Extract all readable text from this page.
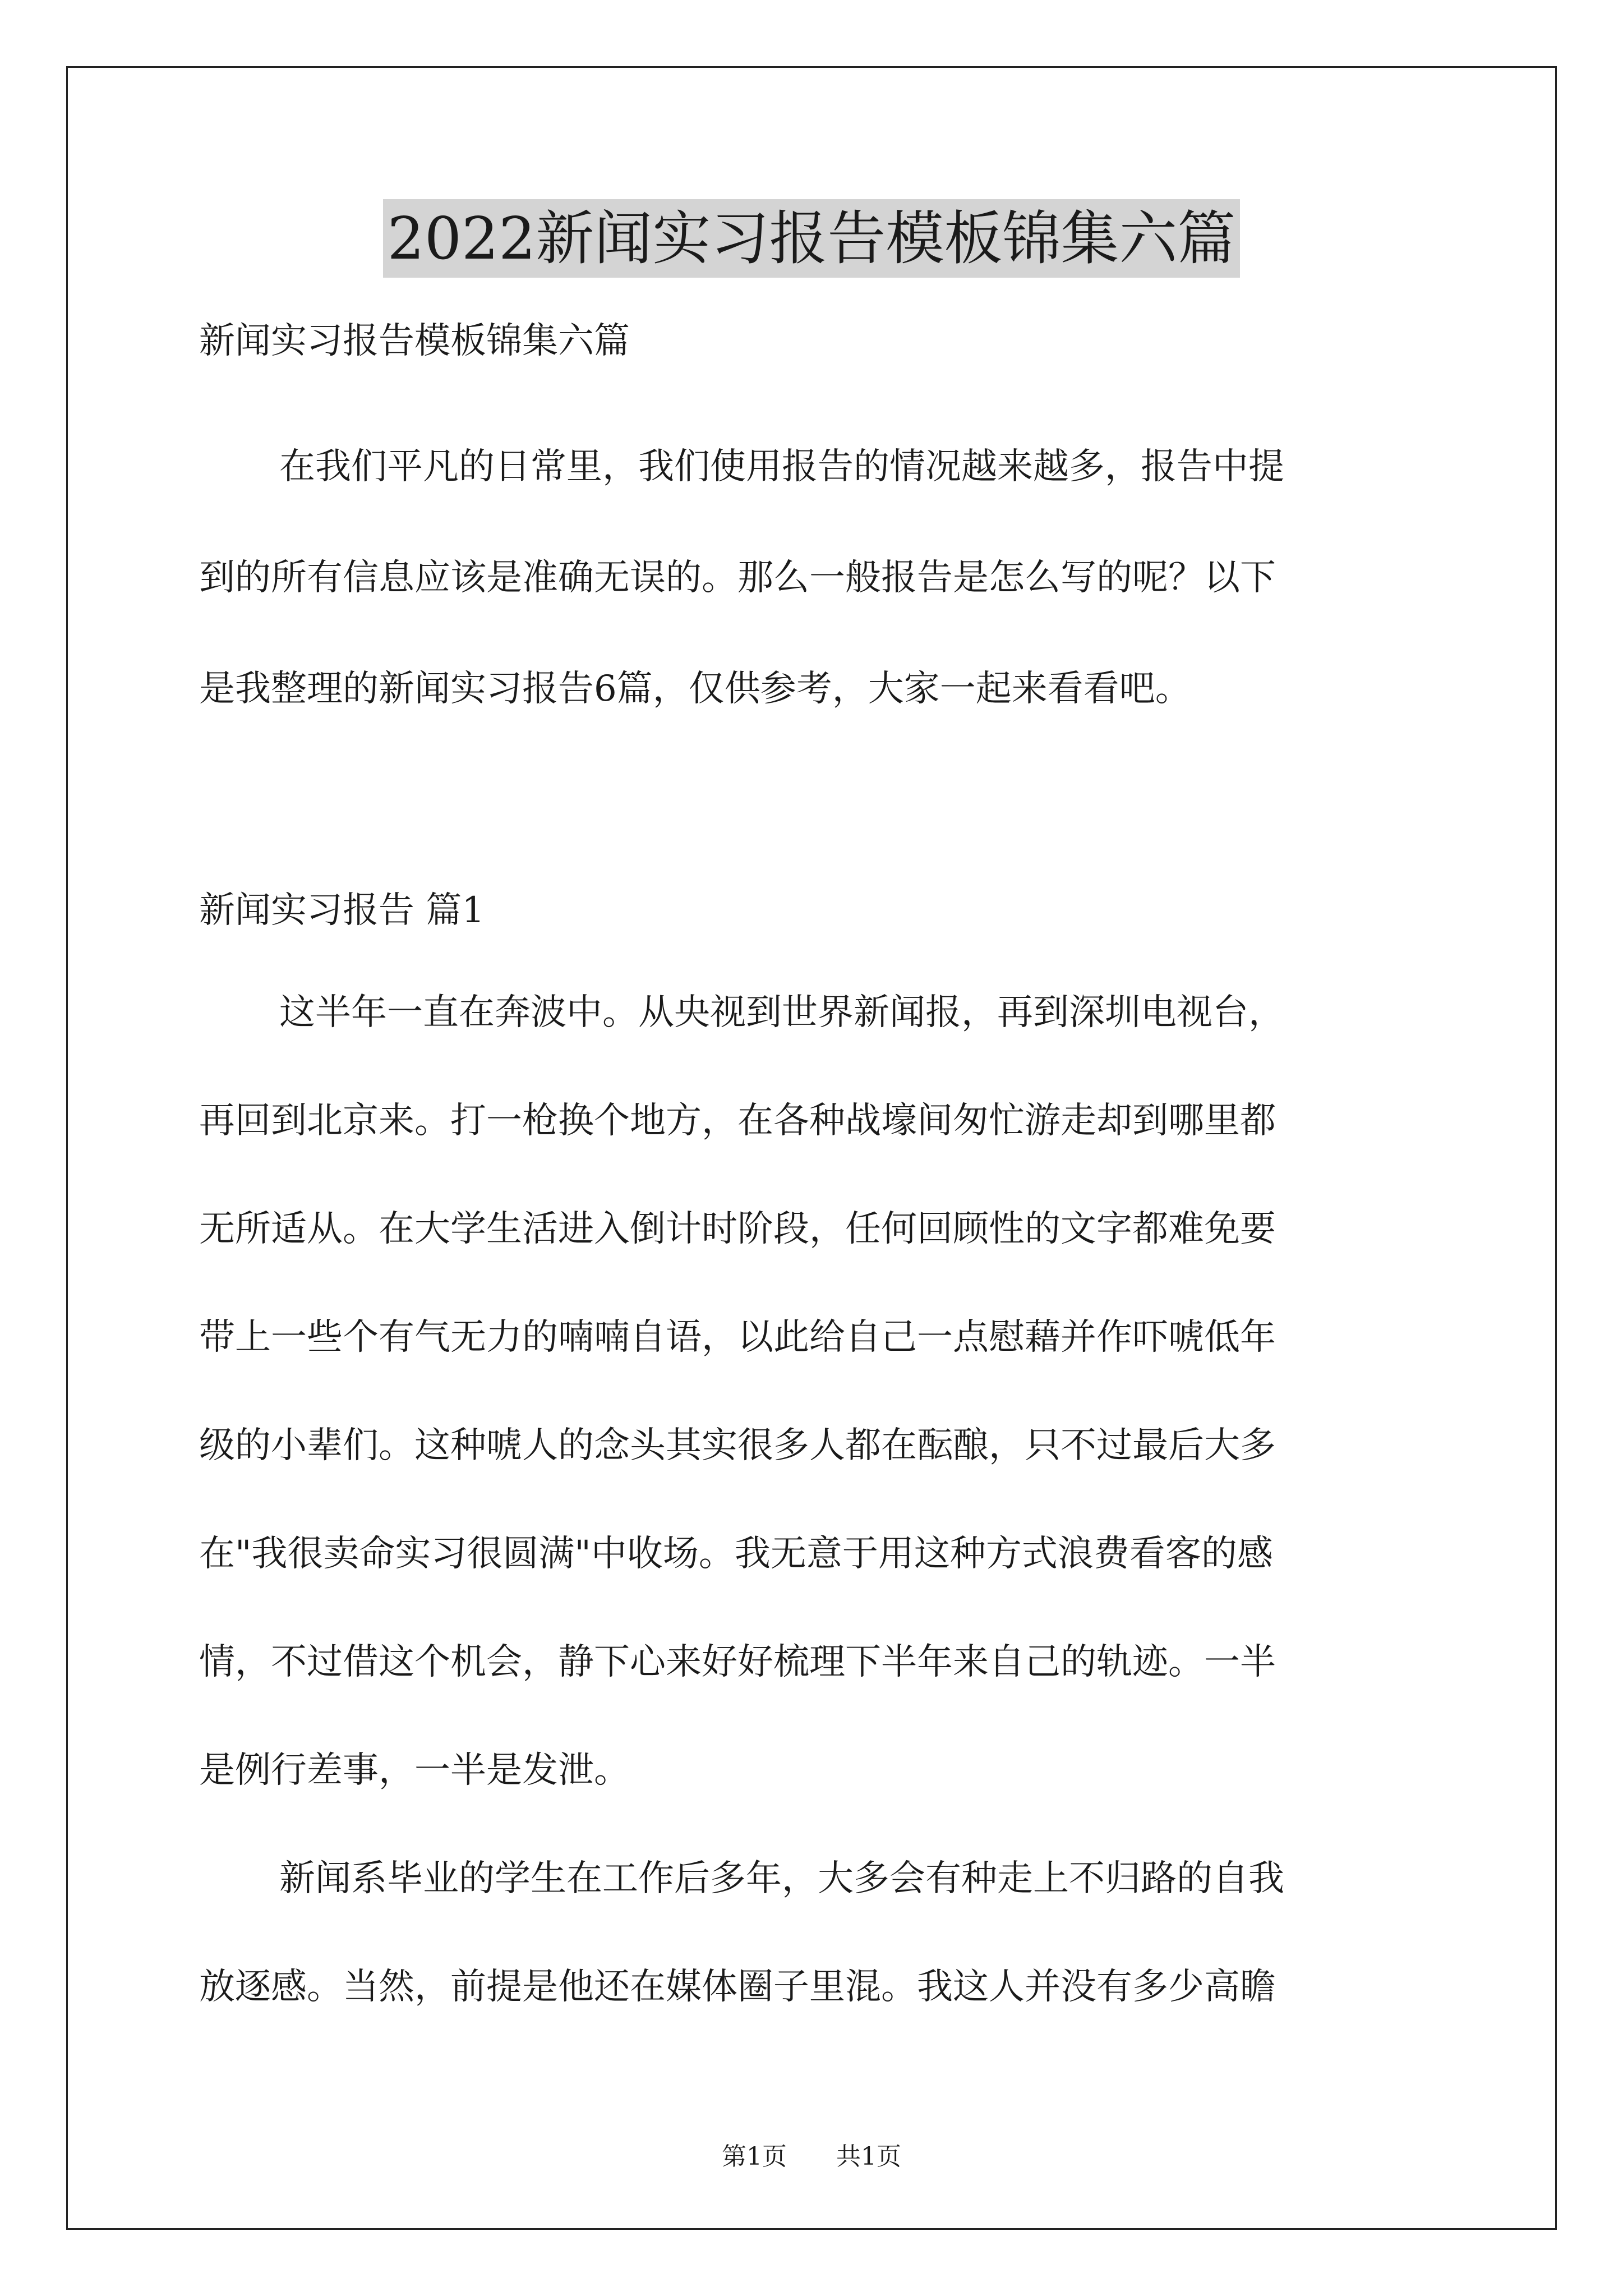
2022新闻实习报告模板锦集六篇
新闻实习报告模板锦集六篇
在我们平凡的日常里，我们使用报告的情况越来越多，报告中提
到的所有信息应该是准确无误的。那么一般报告是怎么写的呢？以下
是我整理的新闻实习报告6篇，仅供参考，大家一起来看看吧。
新闻实习报告 篇1
这半年一直在奔波中。从央视到世界新闻报，再到深圳电视台，
再回到北京来。打一枪换个地方，在各种战壕间匆忙游走却到哪里都
无所适从。在大学生活进入倒计时阶段，任何回顾性的文字都难免要
带上一些个有气无力的喃喃自语，以此给自己一点慰藉并作吓唬低年
级的小辈们。这种唬人的念头其实很多人都在酝酿，只不过最后大多
在"我很卖命实习很圆满"中收场。我无意于用这种方式浪费看客的感
情，不过借这个机会，静下心来好好梳理下半年来自己的轨迹。一半
是例行差事，一半是发泄。
新闻系毕业的学生在工作后多年，大多会有种走上不归路的自我
放逐感。当然，前提是他还在媒体圈子里混。我这人并没有多少高瞻
第1页 共1页
